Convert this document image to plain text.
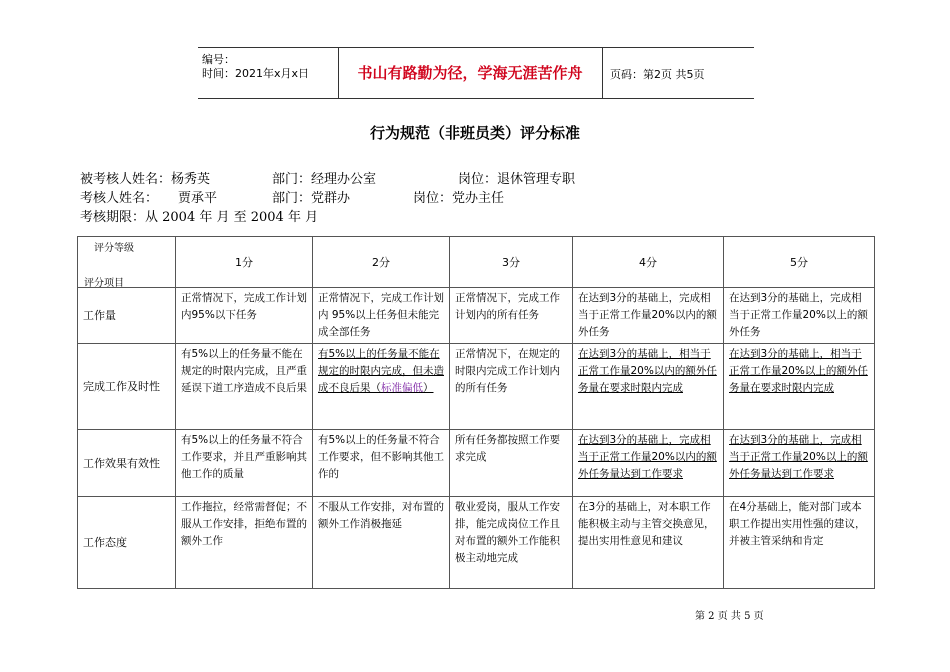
编号：
时间：2021年x月x日	书山有路勤为径，学海无涯苦作舟	页码：第2页 共5页
行为规范（非班员类）评分标准
被考核人姓名：杨秀英	部门：经理办公室	岗位：退休管理专职
考核人姓名： 贾承平	部门：党群办	岗位：党办主任
考核期限：从 2004 年 月 至 2004 年 月
评分等级
评分项目	1分	2分	3分	4分	5分
工作量	正常情况下，完成工作计划内95%以下任务	正常情况下，完成工作计划内 95%以上任务但未能完成全部任务	正常情况下，完成工作计划内的所有任务	在达到3分的基础上，完成相当于正常工作量20%以内的额外任务	在达到3分的基础上，完成相当于正常工作量20%以上的额外任务
完成工作及时性	有5%以上的任务量不能在规定的时限内完成，且严重延误下道工序造成不良后果	有5%以上的任务量不能在规定的时限内完成，但未造成不良后果（标准偏低）	正常情况下，在规定的时限内完成工作计划内的所有任务	在达到3分的基础上，相当于正常工作量20%以内的额外任务量在要求时限内完成	在达到3分的基础上，相当于正常工作量20%以上的额外任务量在要求时限内完成
工作效果有效性	有5%以上的任务量不符合工作要求，并且严重影响其他工作的质量	有5%以上的任务量不符合工作要求，但不影响其他工作的	所有任务都按照工作要求完成	在达到3分的基础上，完成相当于正常工作量20%以内的额外任务量达到工作要求	在达到3分的基础上，完成相当于正常工作量20%以上的额外任务量达到工作要求
工作态度	工作拖拉，经常需督促；不服从工作安排，拒绝布置的额外工作	不服从工作安排，对布置的额外工作消极拖延	敬业爱岗，服从工作安排，能完成岗位工作且对布置的额外工作能积极主动地完成	在3分的基础上，对本职工作能积极主动与主管交换意见，提出实用性意见和建议	在4分基础上，能对部门或本职工作提出实用性强的建议，并被主管采纳和肯定
第 2 页 共 5 页
